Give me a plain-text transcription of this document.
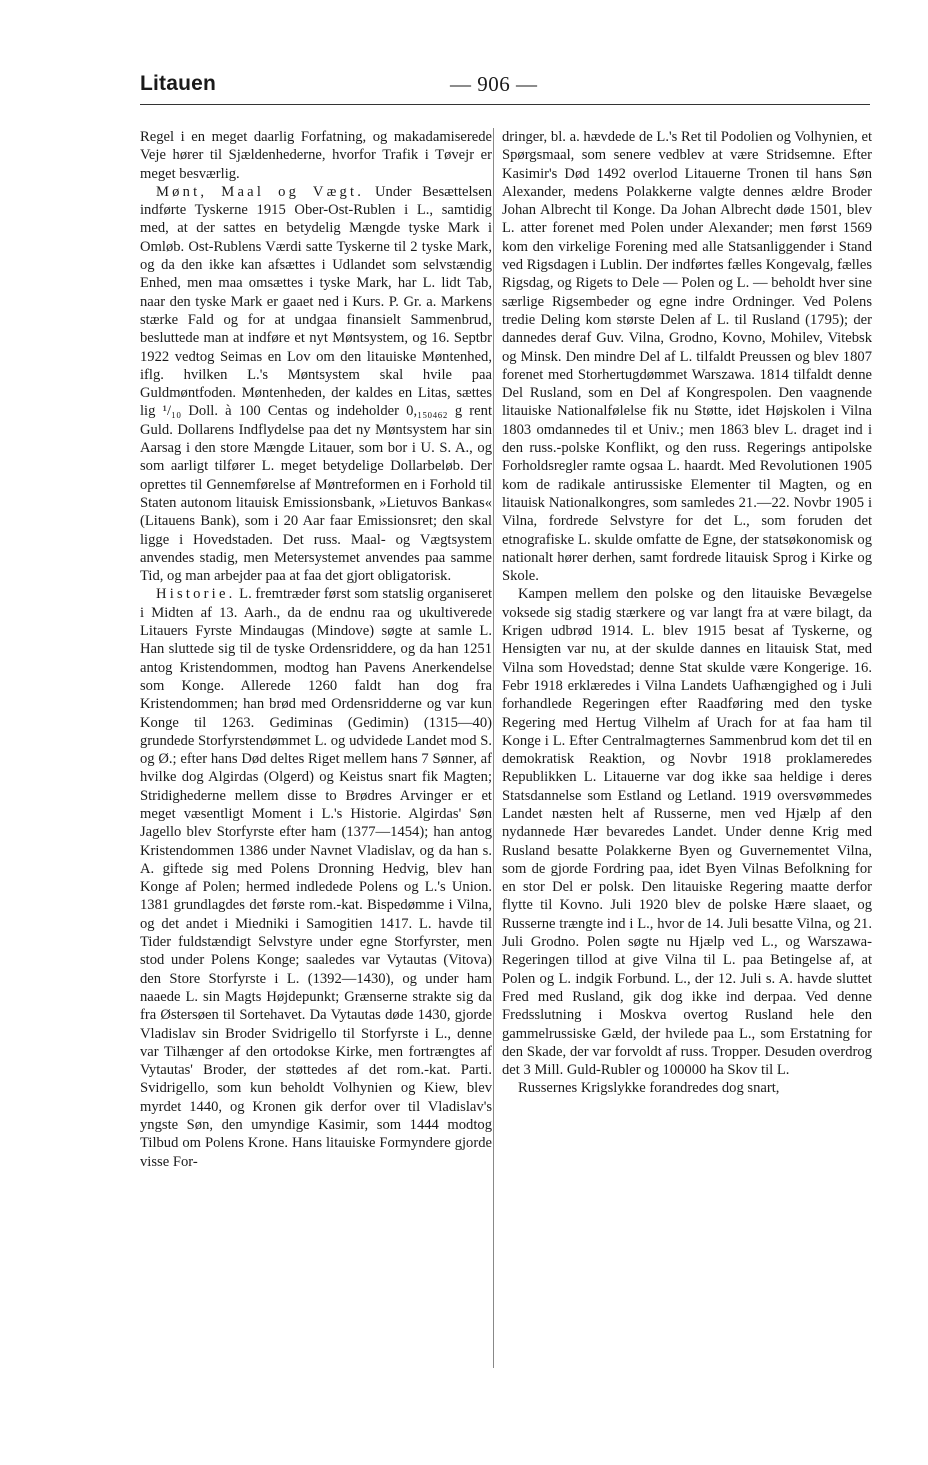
Litauen	— 906 —

Regel i en meget daarlig Forfatning, og makadamiserede Veje hører til Sjældenhederne, hvorfor Trafik i Tøvejr er meget besværlig.

Mønt, Maal og Vægt. Under Besættelsen indførte Tyskerne 1915 Ober-Ost-Rublen i L., samtidig med, at der sattes en betydelig Mængde tyske Mark i Omløb. Ost-Rublens Værdi satte Tyskerne til 2 tyske Mark, og da den ikke kan afsættes i Udlandet som selvstændig Enhed, men maa omsættes i tyske Mark, har L. lidt Tab, naar den tyske Mark er gaaet ned i Kurs. P. Gr. a. Markens stærke Fald og for at undgaa finansielt Sammenbrud, besluttede man at indføre et nyt Møntsystem, og 16. Septbr 1922 vedtog Seimas en Lov om den litauiske Møntenhed, iflg. hvilken L.'s Møntsystem skal hvile paa Guldmøntfoden. Møntenheden, der kaldes en Litas, sættes lig ¹/₁₀ Doll. à 100 Centas og indeholder 0,₁₅₀₄₆₂ g rent Guld. Dollarens Indflydelse paa det ny Møntsystem har sin Aarsag i den store Mængde Litauer, som bor i U. S. A., og som aarligt tilfører L. meget betydelige Dollarbeløb. Der oprettes til Gennemførelse af Møntreformen en i Forhold til Staten autonom litauisk Emissionsbank, »Lietuvos Bankas« (Litauens Bank), som i 20 Aar faar Emissionsret; den skal ligge i Hovedstaden. Det russ. Maal- og Vægtsystem anvendes stadig, men Metersystemet anvendes paa samme Tid, og man arbejder paa at faa det gjort obligatorisk.

Historie. L. fremtræder først som statslig organiseret i Midten af 13. Aarh., da de endnu raa og ukultiverede Litauers Fyrste Mindaugas (Mindove) søgte at samle L. Han sluttede sig til de tyske Ordensriddere, og da han 1251 antog Kristendommen, modtog han Pavens Anerkendelse som Konge. Allerede 1260 faldt han dog fra Kristendommen; han brød med Ordensridderne og var kun Konge til 1263. Gediminas (Gedimin) (1315—40) grundede Storfyrstendømmet L. og udvidede Landet mod S. og Ø.; efter hans Død deltes Riget mellem hans 7 Sønner, af hvilke dog Algirdas (Olgerd) og Keistus snart fik Magten; Stridighederne mellem disse to Brødres Arvinger er et meget væsentligt Moment i L.'s Historie. Algirdas' Søn Jagello blev Storfyrste efter ham (1377—1454); han antog Kristendommen 1386 under Navnet Vladislav, og da han s. A. giftede sig med Polens Dronning Hedvig, blev han Konge af Polen; hermed indledede Polens og L.'s Union. 1381 grundlagdes det første rom.-kat. Bispedømme i Vilna, og det andet i Miedniki i Samogitien 1417. L. havde til Tider fuldstændigt Selvstyre under egne Storfyrster, men stod under Polens Konge; saaledes var Vytautas (Vitova) den Store Storfyrste i L. (1392—1430), og under ham naaede L. sin Magts Højdepunkt; Grænserne strakte sig da fra Østersøen til Sortehavet. Da Vytautas døde 1430, gjorde Vladislav sin Broder Svidrigello til Storfyrste i L., denne var Tilhænger af den ortodokse Kirke, men fortrængtes af Vytautas' Broder, der støttedes af det rom.-kat. Parti. Svidrigello, som kun beholdt Volhynien og Kiew, blev myrdet 1440, og Kronen gik derfor over til Vladislav's yngste Søn, den umyndige Kasimir, som 1444 modtog Tilbud om Polens Krone. Hans litauiske Formyndere gjorde visse For-

dringer, bl. a. hævdede de L.'s Ret til Podolien og Volhynien, et Spørgsmaal, som senere vedblev at være Stridsemne. Efter Kasimir's Død 1492 overlod Litauerne Tronen til hans Søn Alexander, medens Polakkerne valgte dennes ældre Broder Johan Albrecht til Konge. Da Johan Albrecht døde 1501, blev L. atter forenet med Polen under Alexander; men først 1569 kom den virkelige Forening med alle Statsanliggender i Stand ved Rigsdagen i Lublin. Der indførtes fælles Kongevalg, fælles Rigsdag, og Rigets to Dele — Polen og L. — beholdt hver sine særlige Rigsembeder og egne indre Ordninger. Ved Polens tredie Deling kom største Delen af L. til Rusland (1795); der dannedes deraf Guv. Vilna, Grodno, Kovno, Mohilev, Vitebsk og Minsk. Den mindre Del af L. tilfaldt Preussen og blev 1807 forenet med Storhertugdømmet Warszawa. 1814 tilfaldt denne Del Rusland, som en Del af Kongrespolen. Den vaagnende litauiske Nationalfølelse fik nu Støtte, idet Højskolen i Vilna 1803 omdannedes til et Univ.; men 1863 blev L. draget ind i den russ.-polske Konflikt, og den russ. Regerings antipolske Forholdsregler ramte ogsaa L. haardt. Med Revolutionen 1905 kom de radikale antirussiske Elementer til Magten, og en litauisk Nationalkongres, som samledes 21.—22. Novbr 1905 i Vilna, fordrede Selvstyre for det L., som foruden det etnografiske L. skulde omfatte de Egne, der statsøkonomisk og nationalt hører derhen, samt fordrede litauisk Sprog i Kirke og Skole.

Kampen mellem den polske og den litauiske Bevægelse voksede sig stadig stærkere og var langt fra at være bilagt, da Krigen udbrød 1914. L. blev 1915 besat af Tyskerne, og Hensigten var nu, at der skulde dannes en litauisk Stat, med Vilna som Hovedstad; denne Stat skulde være Kongerige. 16. Febr 1918 erklæredes i Vilna Landets Uafhængighed og i Juli forhandlede Regeringen efter Raadføring med den tyske Regering med Hertug Vilhelm af Urach for at faa ham til Konge i L. Efter Centralmagternes Sammenbrud kom det til en demokratisk Reaktion, og Novbr 1918 proklameredes Republikken L. Litauerne var dog ikke saa heldige i deres Statsdannelse som Estland og Letland. 1919 oversvømmedes Landet næsten helt af Russerne, men ved Hjælp af den nydannede Hær bevaredes Landet. Under denne Krig med Rusland besatte Polakkerne Byen og Guvernementet Vilna, som de gjorde Fordring paa, idet Byen Vilnas Befolkning for en stor Del er polsk. Den litauiske Regering maatte derfor flytte til Kovno. Juli 1920 blev de polske Hære slaaet, og Russerne trængte ind i L., hvor de 14. Juli besatte Vilna, og 21. Juli Grodno. Polen søgte nu Hjælp ved L., og Warszawa-Regeringen tillod at give Vilna til L. paa Betingelse af, at Polen og L. indgik Forbund. L., der 12. Juli s. A. havde sluttet Fred med Rusland, gik dog ikke ind derpaa. Ved denne Fredsslutning i Moskva overtog Rusland hele den gammelrussiske Gæld, der hvilede paa L., som Erstatning for den Skade, der var forvoldt af russ. Tropper. Desuden overdrog det 3 Mill. Guld-Rubler og 100000 ha Skov til L.

Russernes Krigslykke forandredes dog snart,
